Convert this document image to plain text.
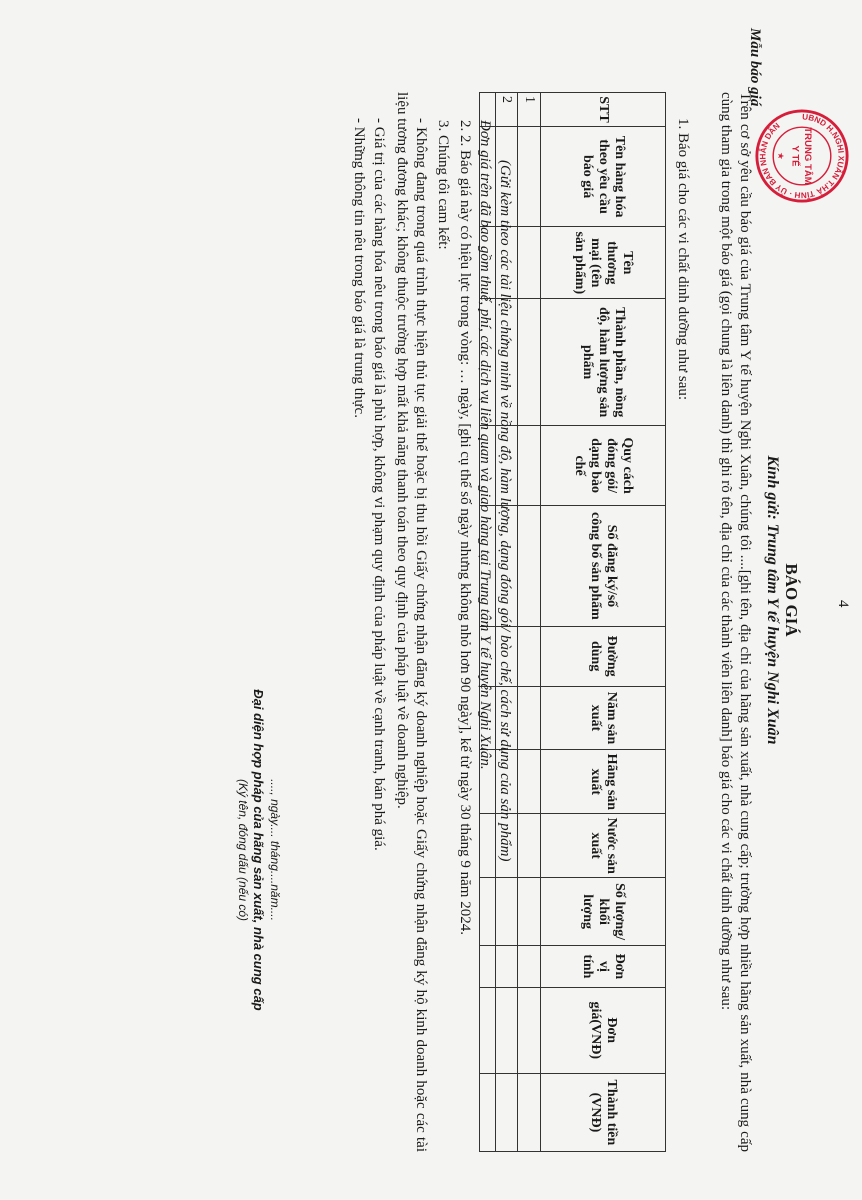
4
UBND H.NGHI XUÂN T.HÀ TĨNH · ỦY BAN NHÂN DÂN
TRUNG TÂM
Y TẾ
★
Mẫu báo giá
BÁO GIÁ
Kính gửi: Trung tâm Y tế huyện Nghi Xuân
Trên cơ sở yêu cầu báo giá của Trung tâm Y tế huyện Nghi Xuân, chúng tôi ....[ghi tên, địa chỉ của hãng sản xuất, nhà cung cấp; trường hợp nhiều hãng sản xuất, nhà cung cấp cùng tham gia trong một báo giá (gọi chung là liên danh) thì ghi rõ tên, địa chỉ của các thành viên liên danh] báo giá cho các vi chất dinh dưỡng như sau:
1. Báo giá cho các vi chất dinh dưỡng như sau:
STT	Tên hàng hóa theo yêu cầu báo giá	Tên thương mại (tên sản phẩm)	Thành phần, nồng độ, hàm lượng sản phẩm	Quy cách đóng gói/ dạng bào chế	Số đăng ký/số công bố sản phẩm	Đường dùng	Năm sản xuất	Hãng sản xuất	Nước sản xuất	Số lượng/ khối lượng	Đơn vị tính	Đơn giá(VNĐ)	Thành tiền (VNĐ)
1													
2													

(Gửi kèm theo các tài liệu chứng minh về nồng độ, hàm lượng, dạng đóng gói/ bào chế, cách sử dụng của sản phẩm)
Đơn giá trên đã bao gồm thuế, phí, các dịch vụ liên quan và giao hàng tại Trung tâm Y tế huyện Nghi Xuân.
2. 2. Báo giá này có hiệu lực trong vòng: … ngày, [ghi cụ thể số ngày nhưng không nhỏ hơn 90 ngày], kể từ ngày 30 tháng 9 năm 2024.
3. Chúng tôi cam kết:
- Không đang trong quá trình thực hiện thủ tục giải thể hoặc bị thu hồi Giấy chứng nhận đăng ký doanh nghiệp hoặc Giấy chứng nhận đăng ký hộ kinh doanh hoặc các tài liệu tương đương khác; không thuộc trường hợp mất khả năng thanh toán theo quy định của pháp luật về doanh nghiệp.
- Giá trị của các hàng hóa nêu trong báo giá là phù hợp, không vi phạm quy định của pháp luật về cạnh tranh, bán phá giá.
- Những thông tin nêu trong báo giá là trung thực.
...., ngày.... tháng....năm....
Đại diện hợp pháp của hãng sản xuất, nhà cung cấp
(Ký tên, đóng dấu (nếu có)
